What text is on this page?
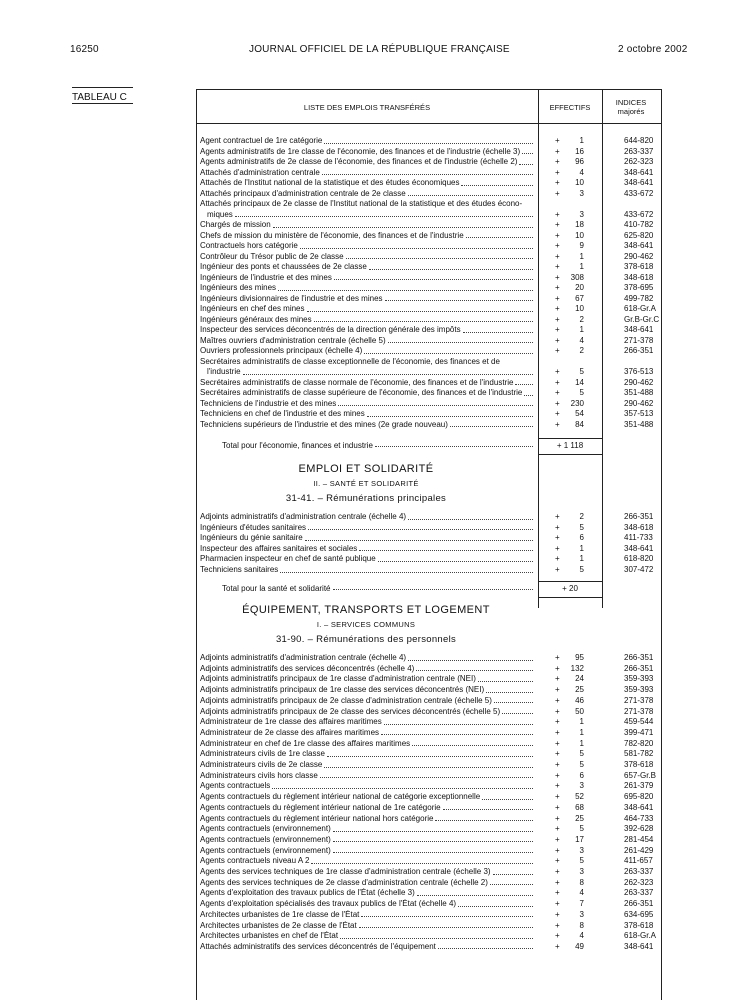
16250	JOURNAL OFFICIEL DE LA RÉPUBLIQUE FRANÇAISE	2 octobre 2002
TABLEAU C
LISTE DES EMPLOIS TRANSFÉRÉS	EFFECTIFS
INDICES
majorés
Agent contractuel de 1re catégorie	+ 1	644-820
Agents administratifs de 1re classe de l'économie, des finances et de l'industrie (échelle 3)	+ 16	263-337
Agents administratifs de 2e classe de l'économie, des finances et de l'industrie (échelle 2)	+ 96	262-323
Attachés d'administration centrale	+ 4	348-641
Attachés de l'Institut national de la statistique et des études économiques	+ 10	348-641
Attachés principaux d'administration centrale de 2e classe	+ 3	433-672
Attachés principaux de 2e classe de l'Institut national de la statistique et des études écono-
miques	+ 3	433-672
Chargés de mission	+ 18	410-782
Chefs de mission du ministère de l'économie, des finances et de l'industrie	+ 10	625-820
Contractuels hors catégorie	+ 9	348-641
Contrôleur du Trésor public de 2e classe	+ 1	290-462
Ingénieur des ponts et chaussées de 2e classe	+ 1	378-618
Ingénieurs de l'industrie et des mines	+ 308	348-618
Ingénieurs des mines	+ 20	378-695
Ingénieurs divisionnaires de l'industrie et des mines	+ 67	499-782
Ingénieurs en chef des mines	+ 10	618-Gr.A
Ingénieurs généraux des mines	+ 2	Gr.B-Gr.C
Inspecteur des services déconcentrés de la direction générale des impôts	+ 1	348-641
Maîtres ouvriers d'administration centrale (échelle 5)	+ 4	271-378
Ouvriers professionnels principaux (échelle 4)	+ 2	266-351
Secrétaires administratifs de classe exceptionnelle de l'économie, des finances et de
l'industrie	+ 5	376-513
Secrétaires administratifs de classe normale de l'économie, des finances et de l'industrie	+ 14	290-462
Secrétaires administratifs de classe supérieure de l'économie, des finances et de l'industrie	+ 5	351-488
Techniciens de l'industrie et des mines	+ 230	290-462
Techniciens en chef de l'industrie et des mines	+ 54	357-513
Techniciens supérieurs de l'industrie et des mines (2e grade nouveau)	+ 84	351-488
Adjoints administratifs d'administration centrale (échelle 4)	+ 2	266-351
Ingénieurs d'études sanitaires	+ 5	348-618
Ingénieurs du génie sanitaire	+ 6	411-733
Inspecteur des affaires sanitaires et sociales	+ 1	348-641
Pharmacien inspecteur en chef de santé publique	+ 1	618-820
Techniciens sanitaires	+ 5	307-472
Adjoints administratifs d'administration centrale (échelle 4)	+ 95	266-351
Adjoints administratifs des services déconcentrés (échelle 4)	+ 132	266-351
Adjoints administratifs principaux de 1re classe d'administration centrale (NEI)	+ 24	359-393
Adjoints administratifs principaux de 1re classe des services déconcentrés (NEI)	+ 25	359-393
Adjoints administratifs principaux de 2e classe d'administration centrale (échelle 5)	+ 46	271-378
Adjoints administratifs principaux de 2e classe des services déconcentrés (échelle 5)	+ 50	271-378
Administrateur de 1re classe des affaires maritimes	+ 1	459-544
Administrateur de 2e classe des affaires maritimes	+ 1	399-471
Administrateur en chef de 1re classe des affaires maritimes	+ 1	782-820
Administrateurs civils de 1re classe	+ 5	581-782
Administrateurs civils de 2e classe	+ 5	378-618
Administrateurs civils hors classe	+ 6	657-Gr.B
Agents contractuels	+ 3	261-379
Agents contractuels du règlement intérieur national de catégorie exceptionnelle	+ 52	695-820
Agents contractuels du règlement intérieur national de 1re catégorie	+ 68	348-641
Agents contractuels du règlement intérieur national hors catégorie	+ 25	464-733
Agents contractuels (environnement)	+ 5	392-628
Agents contractuels (environnement)	+ 17	281-454
Agents contractuels (environnement)	+ 3	261-429
Agents contractuels niveau A 2	+ 5	411-657
Agents des services techniques de 1re classe d'administration centrale (échelle 3)	+ 3	263-337
Agents des services techniques de 2e classe d'administration centrale (échelle 2)	+ 8	262-323
Agents d'exploitation des travaux publics de l'État (échelle 3)	+ 4	263-337
Agents d'exploitation spécialisés des travaux publics de l'État (échelle 4)	+ 7	266-351
Architectes urbanistes de 1re classe de l'État	+ 3	634-695
Architectes urbanistes de 2e classe de l'État	+ 8	378-618
Architectes urbanistes en chef de l'État	+ 4	618-Gr.A
Attachés administratifs des services déconcentrés de l'équipement	+ 49	348-641
Total pour l'économie, finances et industrie	+ 1 118
EMPLOI ET SOLIDARITÉ
II. – SANTÉ ET SOLIDARITÉ
31-41. – Rémunérations principales
Total pour la santé et solidarité	+ 20
ÉQUIPEMENT, TRANSPORTS ET LOGEMENT
I. – SERVICES COMMUNS
31-90. – Rémunérations des personnels
